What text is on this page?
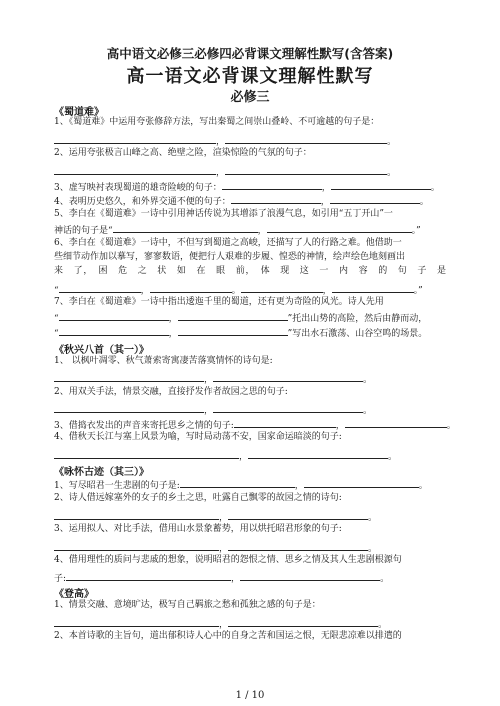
高中语文必修三必修四必背课文理解性默写(含答案)
高一语文必背课文理解性默写
必修三
《蜀道难》
1、《蜀道难》中运用夸张修辞方法，写出秦蜀之间崇山叠岭、不可逾越的句子是：
，	。
2、运用夸张极言山峰之高、绝壁之险，渲染惊险的气氛的句子：
，	。
3、虚写映衬表现蜀道的雄奇险峻的句子：	，	。
4、表明历史悠久，和外界交通不便的句子：	，	。
5、李白在《蜀道难》一诗中引用神话传说为其增添了浪漫气息，如引用“五丁开山”一
神话的句子是“	，	。”
6、李白在《蜀道难》一诗中，不但写到蜀道之高峻，还描写了人的行路之难。他借助一
些细节动作加以摹写，寥寥数语，便把行人艰难的步履、惶恐的神情，绘声绘色地刻画出
来　了，　困　危　之　状　如　在　眼　前，　体　现　这　一　内　容　的　句　子　是
“	，	。	，	。”
7、李白在《蜀道难》一诗中指出逶迤千里的蜀道，还有更为奇险的风光。诗人先用
“	，	”托出山势的高险，然后由静而动，
“	，	”写出水石激荡、山谷空鸣的场景。
《秋兴八首（其一）》
1、 以枫叶凋零、秋气萧索寄寓凄苦落寞情怀的诗句是:
，	。
2、用双关手法，情景交融，直接抒发作者故园之思的句子:
，	。
3、借捣衣发出的声音来寄托思乡之情的句子:	，	。
4、借秋天长江与塞上风景为喻，写时局动荡不安，国家命运暗淡的句子:
，	。
《咏怀古迹（其三）》
1、写尽昭君一生悲剧的句子是:	，	。
2、诗人借远嫁塞外的女子的乡土之思，吐露自己飘零的故园之情的诗句:
，	。
3、运用拟人、对比手法，借用山水景象蓄势，用以烘托昭君形象的句子:
，	。
4、借用理性的质问与悲戚的想象，说明昭君的怨恨之情、思乡之情及其人生悲剧根源句
子:	，	。
《登高》
1、情景交融、意境旷达，极写自己羁旅之愁和孤独之感的句子是：
，	。
2、本首诗歌的主旨句，道出郁积诗人心中的自身之苦和国运之恨，无限悲凉难以排遣的
1 / 10
